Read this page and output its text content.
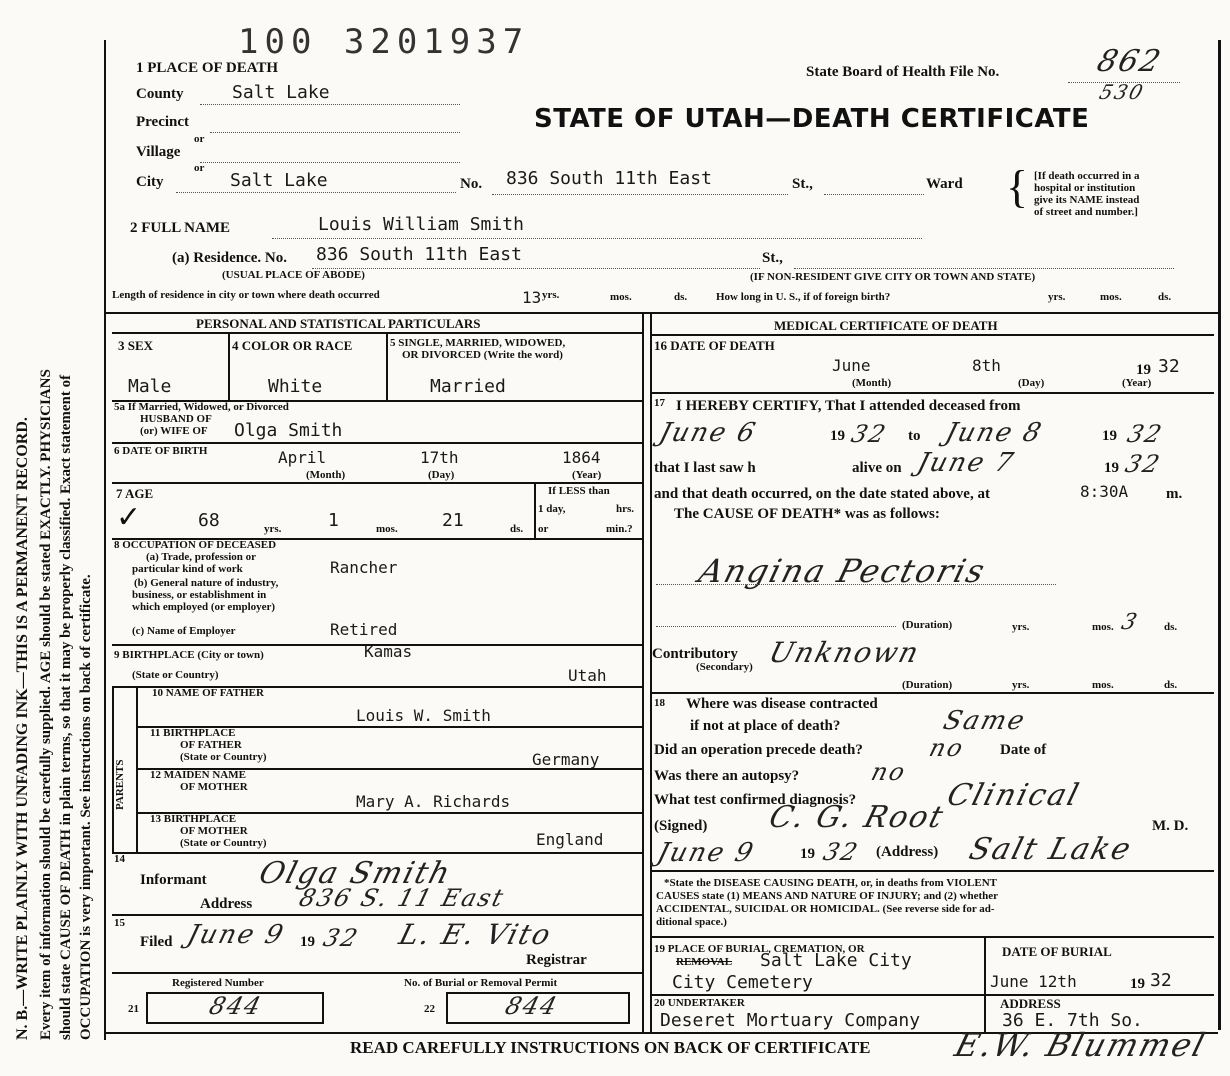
N. B.—WRITE PLAINLY WITH UNFADING INK—THIS IS A PERMANENT RECORD. Every item of information should be carefully supplied. AGE should be stated EXACTLY. PHYSICIANS should state CAUSE OF DEATH in plain terms, so that it may be properly classified. Exact statement of OCCUPATION is very important. See instructions on back of certificate.
100 3201937
State Board of Health File No.	862
530
STATE OF UTAH—DEATH CERTIFICATE
1 PLACE OF DEATH
County	Salt Lake
Precinct
or
Village
or
City	Salt Lake	No. 836 South 11th East	St.,	Ward { [If death occurred in a
hospital or institution
give its NAME instead
of street and number.]
2 FULL NAME	Louis William Smith
(a) Residence. No. 836 South 11th East	St.,
(USUAL PLACE OF ABODE)	(IF NON-RESIDENT GIVE CITY OR TOWN AND STATE)
Length of residence in city or town where death occurred	13 yrs.	mos.	ds.	How long in U. S., if of foreign birth?	yrs.	mos.	ds.
PERSONAL AND STATISTICAL PARTICULARS	MEDICAL CERTIFICATE OF DEATH
3 SEX	4 COLOR OR RACE	5 SINGLE, MARRIED, WIDOWED,
OR DIVORCED (Write the word)
Male	White	Married
5a If Married, Widowed, or Divorced
HUSBAND OF
(or) WIFE OF Olga Smith
6 DATE OF BIRTH	April	17th	1864
(Month)	(Day)	(Year)
7 AGE
✓	68	yrs.	1	mos. 21	ds.
If LESS than
1 day,	hrs.
or	min.?
8 OCCUPATION OF DECEASED
(a) Trade, profession or
particular kind of work	Rancher
(b) General nature of industry,
business, or establishment in
which employed (or employer)
(c) Name of Employer	Retired
9 BIRTHPLACE (City or town)	Kamas
(State or Country)	Utah
PARENTS
10 NAME OF FATHER
Louis W. Smith
11 BIRTHPLACE
OF FATHER
(State or Country)	Germany
12 MAIDEN NAME
OF MOTHER
Mary A. Richards
13 BIRTHPLACE
OF MOTHER
(State or Country)	England
14
Informant Olga Smith
Address 836 S. 11 East
15
Filed June 9 19 32 L. E. Vito
Registrar
Registered Number	No. of Burial or Removal Permit
21	844	22	844
16 DATE OF DEATH
June	8th	19 32
(Month)	(Day)	(Year)
17 I HEREBY CERTIFY, That I attended deceased from
June 6	19 32 to June 8	19 32
that I last saw h	alive on June 7	19 32
and that death occurred, on the date stated above, at	8:30A	m.
The CAUSE OF DEATH* was as follows:
Angina Pectoris
(Duration)	yrs.	mos. 3 ds.
Contributory Unknown
(Secondary)
(Duration)	yrs.	mos.	ds.
18 Where was disease contracted
if not at place of death?	Same
Did an operation precede death?	no Date of
Was there an autopsy?	no
What test confirmed diagnosis?	Clinical
(Signed) C. G. Root	M. D.
June 9	19 32 (Address) Salt Lake
*State the DISEASE CAUSING DEATH, or, in deaths from VIOLENT
CAUSES state (1) MEANS AND NATURE OF INJURY; and (2) whether
ACCIDENTAL, SUICIDAL OR HOMICIDAL. (See reverse side for ad-
ditional space.)
19 PLACE OF BURIAL, CREMATION, OR
REMOVAL Salt Lake City
City Cemetery
DATE OF BURIAL
June 12th	19 32
20 UNDERTAKER
Deseret Mortuary Company
ADDRESS
36 E. 7th So.
READ CAREFULLY INSTRUCTIONS ON BACK OF CERTIFICATE	E.W. Blummel
